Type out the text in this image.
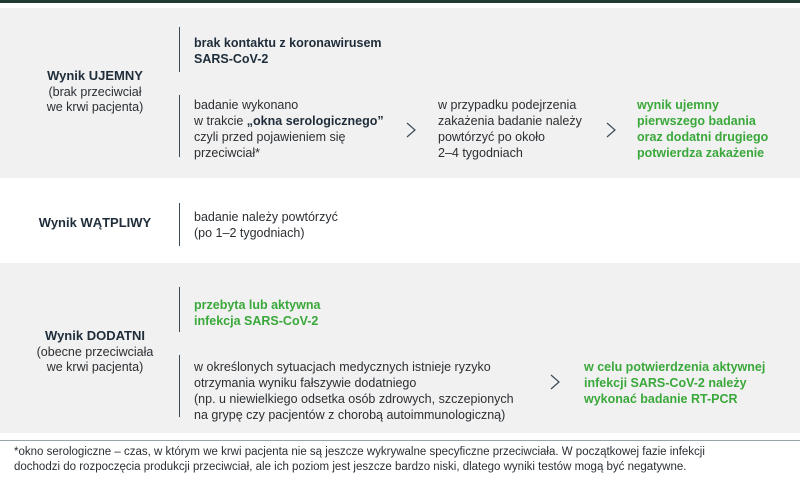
Wynik UJEMNY
(brak przeciwciał
we krwi pacjenta)
brak kontaktu z koronawirusem
SARS-CoV-2
badanie wykonano
w trakcie „okna serologicznego”
czyli przed pojawieniem się
przeciwciał*
w przypadku podejrzenia
zakażenia badanie należy
powtórzyć po około
2–4 tygodniach
wynik ujemny
pierwszego badania
oraz dodatni drugiego
potwierdza zakażenie
Wynik WĄTPLIWY	badanie należy powtórzyć
(po 1–2 tygodniach)
Wynik DODATNI
(obecne przeciwciała
we krwi pacjenta)
przebyta lub aktywna
infekcja SARS-CoV-2
w określonych sytuacjach medycznych istnieje ryzyko
otrzymania wyniku fałszywie dodatniego
(np. u niewielkiego odsetka osób zdrowych, szczepionych
na grypę czy pacjentów z chorobą autoimmunologiczną)
w celu potwierdzenia aktywnej
infekcji SARS-CoV-2 należy
wykonać badanie RT-PCR
*okno serologiczne – czas, w którym we krwi pacjenta nie są jeszcze wykrywalne specyficzne przeciwciała. W początkowej fazie infekcji
dochodzi do rozpoczęcia produkcji przeciwciał, ale ich poziom jest jeszcze bardzo niski, dlatego wyniki testów mogą być negatywne.
